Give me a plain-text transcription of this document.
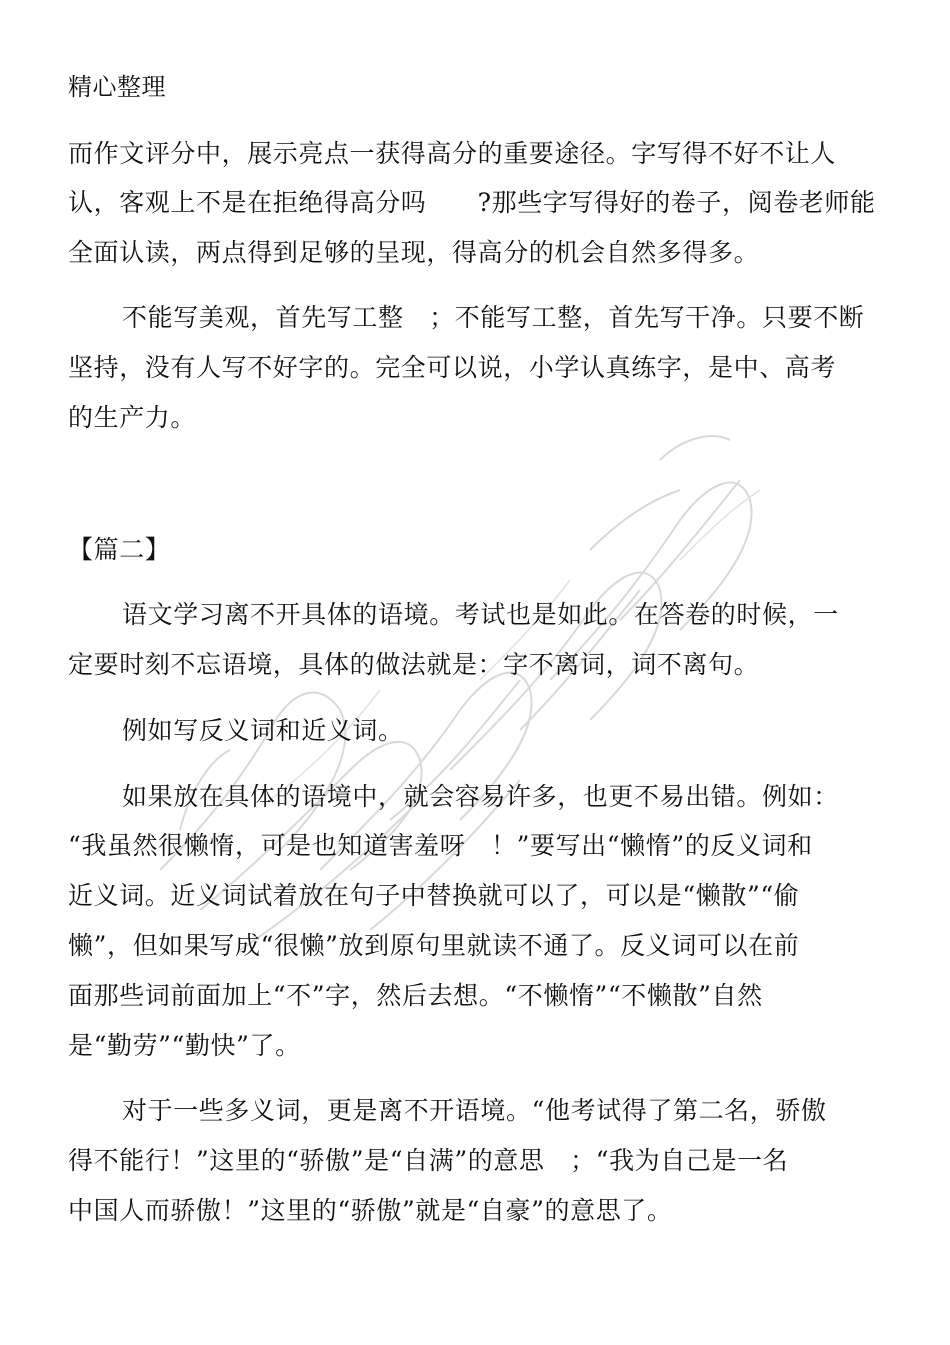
精心整理
而作文评分中，展示亮点一获得高分的重要途径。字写得不好不让人
认，客观上不是在拒绝得高分吗　　?那些字写得好的卷子，阅卷老师能
全面认读，两点得到足够的呈现，得高分的机会自然多得多。
不能写美观，首先写工整　；不能写工整，首先写干净。只要不断
坚持，没有人写不好字的。完全可以说，小学认真练字，是中、高考
的生产力。
【篇二】
语文学习离不开具体的语境。考试也是如此。在答卷的时候，一
定要时刻不忘语境，具体的做法就是：字不离词，词不离句。
例如写反义词和近义词。
如果放在具体的语境中，就会容易许多，也更不易出错。例如：
“我虽然很懒惰，可是也知道害羞呀　！”要写出“懒惰”的反义词和
近义词。近义词试着放在句子中替换就可以了，可以是“懒散”“偷
懒”，但如果写成“很懒”放到原句里就读不通了。反义词可以在前
面那些词前面加上“不”字，然后去想。“不懒惰”“不懒散”自然
是“勤劳”“勤快”了。
对于一些多义词，更是离不开语境。“他考试得了第二名，骄傲
得不能行！”这里的“骄傲”是“自满”的意思　；“我为自己是一名
中国人而骄傲！”这里的“骄傲”就是“自豪”的意思了。
